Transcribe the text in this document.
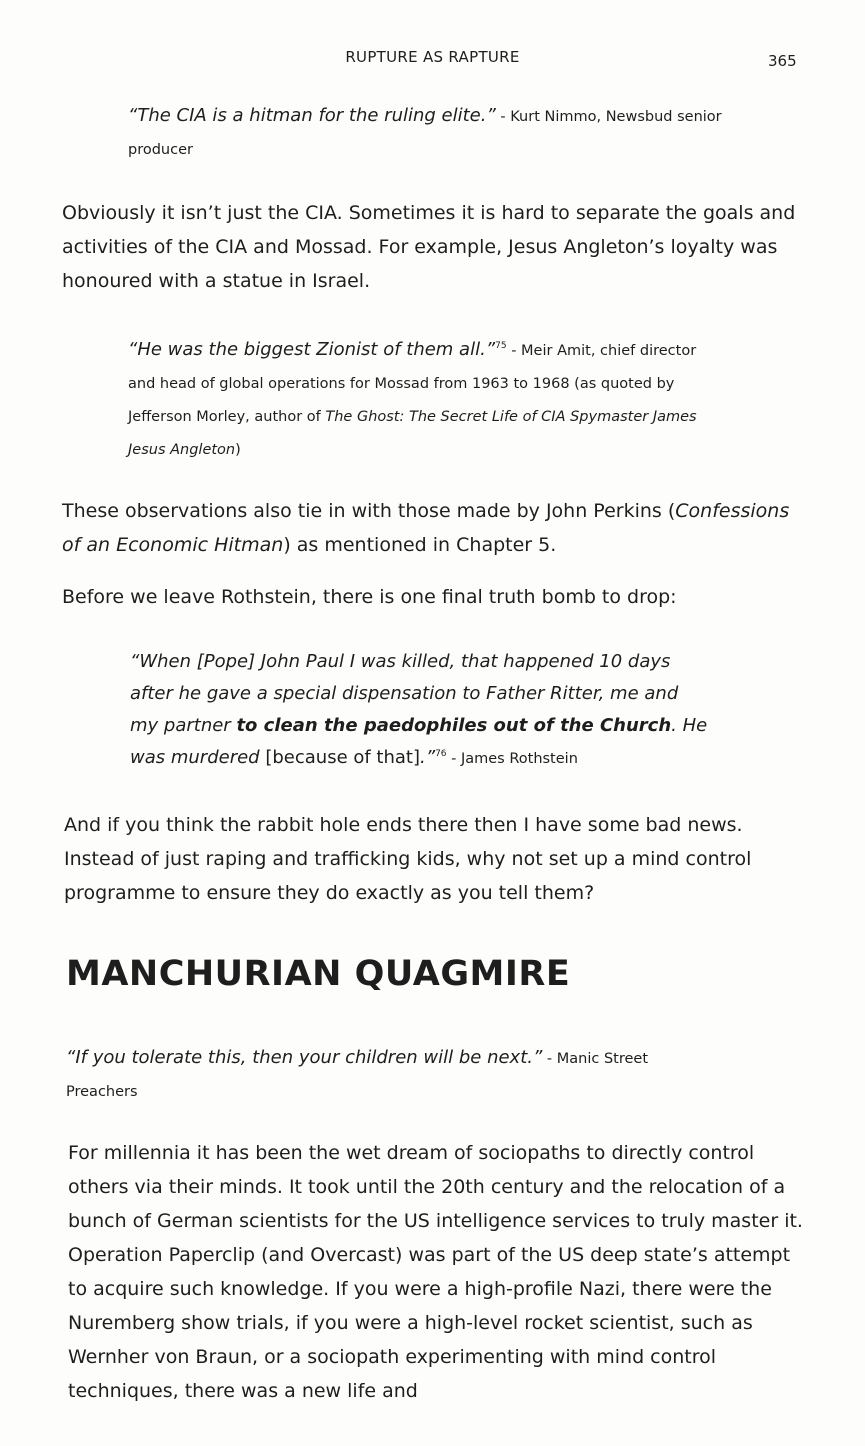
RUPTURE AS RAPTURE	365

“The CIA is a hitman for the ruling elite.” - Kurt Nimmo, Newsbud senior producer

Obviously it isn’t just the CIA. Sometimes it is hard to separate the goals and activities of the CIA and Mossad. For example, Jesus Angleton’s loyalty was honoured with a statue in Israel.

“He was the biggest Zionist of them all.”$^{75}$ - Meir Amit, chief director and head of global operations for Mossad from 1963 to 1968 (as quoted by Jefferson Morley, author of The Ghost: The Secret Life of CIA Spymaster James Jesus Angleton)

These observations also tie in with those made by John Perkins (Confessions of an Economic Hitman) as mentioned in Chapter 5.

Before we leave Rothstein, there is one final truth bomb to drop:

“When [Pope] John Paul I was killed, that happened 10 days after he gave a special dispensation to Father Ritter, me and my partner to clean the paedophiles out of the Church. He was murdered [because of that].”$^{76}$ - James Rothstein

And if you think the rabbit hole ends there then I have some bad news. Instead of just raping and trafficking kids, why not set up a mind control programme to ensure they do exactly as you tell them?

MANCHURIAN QUAGMIRE

“If you tolerate this, then your children will be next.” - Manic Street Preachers

For millennia it has been the wet dream of sociopaths to directly control others via their minds. It took until the 20th century and the relocation of a bunch of German scientists for the US intelligence services to truly master it. Operation Paperclip (and Overcast) was part of the US deep state’s attempt to acquire such knowledge. If you were a high-profile Nazi, there were the Nuremberg show trials, if you were a high-level rocket scientist, such as Wernher von Braun, or a sociopath experimenting with mind control techniques, there was a new life and
